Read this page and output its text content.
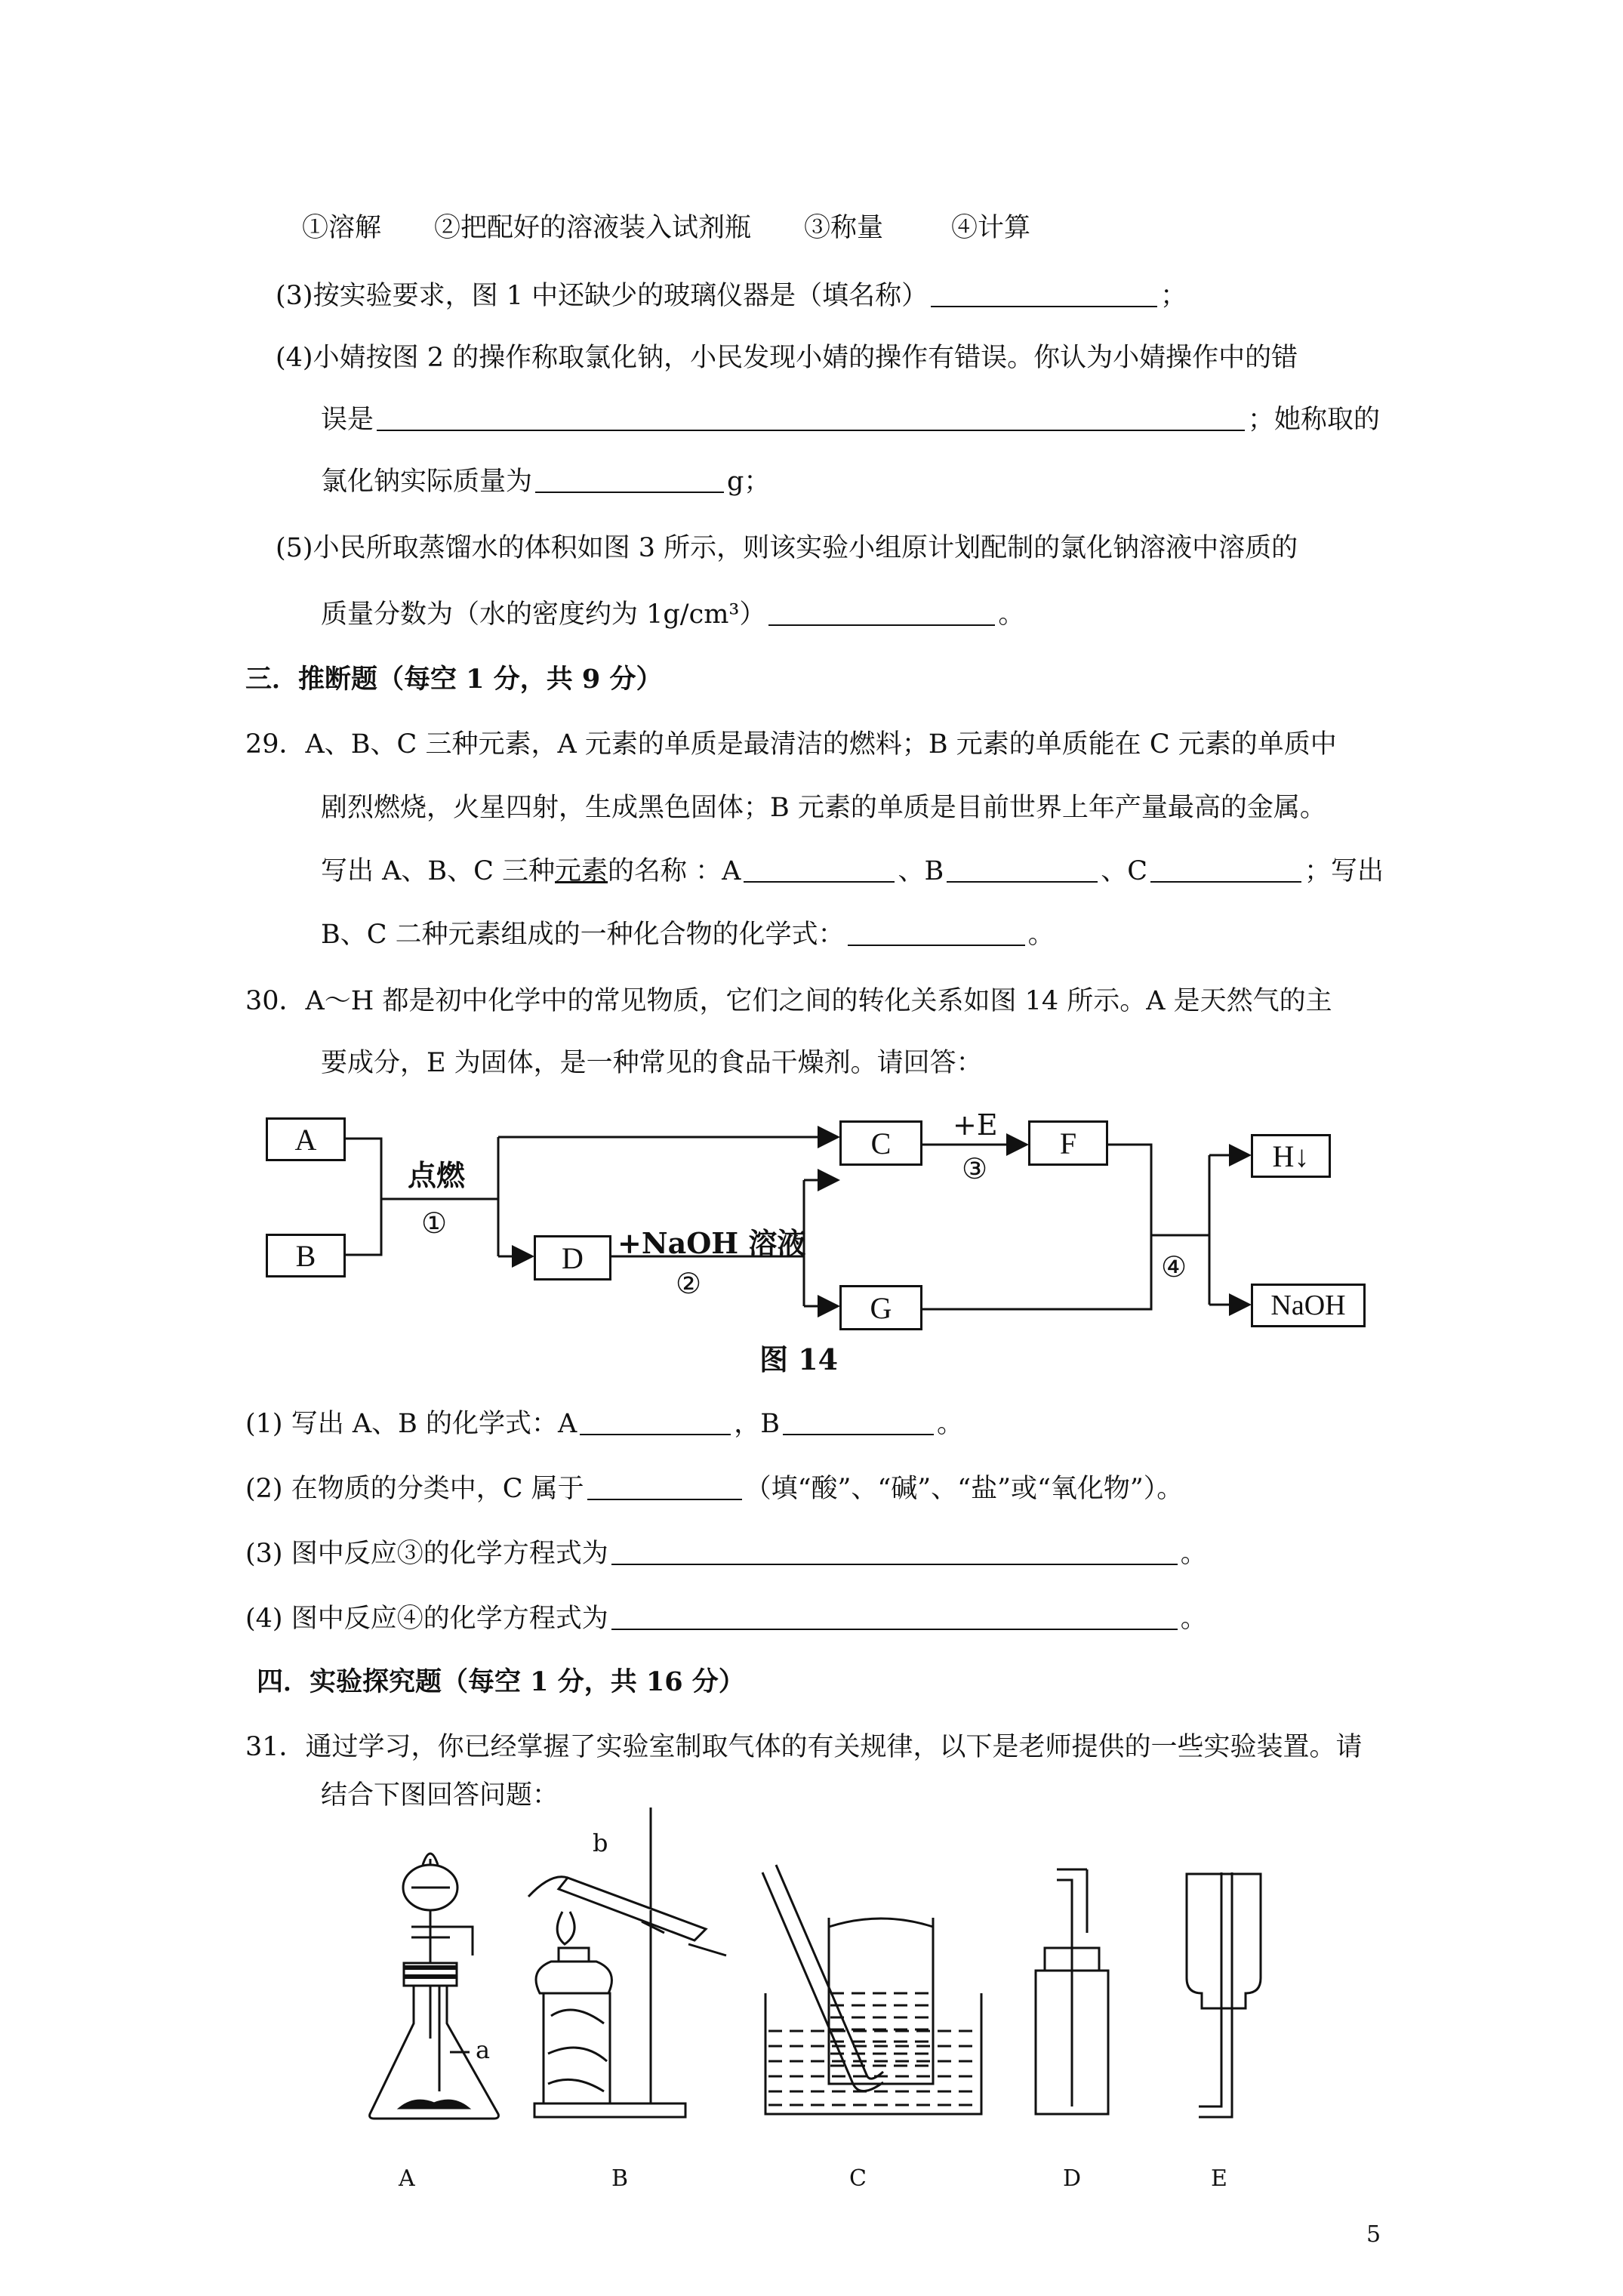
①溶解 ②把配好的溶液装入试剂瓶 ③称量	④计算
(3)按实验要求，图 1 中还缺少的玻璃仪器是（填名称）	；
(4)小婧按图 2 的操作称取氯化钠，小民发现小婧的操作有错误。你认为小婧操作中的错
误是	；她称取的
氯化钠实际质量为	g；
(5)小民所取蒸馏水的体积如图 3 所示，则该实验小组原计划配制的氯化钠溶液中溶质的
质量分数为（水的密度约为 1g/cm³）	。
三．推断题（每空 1 分，共 9 分）
29．A、B、C 三种元素，A 元素的单质是最清洁的燃料；B 元素的单质能在 C 元素的单质中
剧烈燃烧，火星四射，生成黑色固体；B 元素的单质是目前世界上年产量最高的金属。
写出 A、B、C 三种元素的名称 ：A	、B	、C	；写出
B、C 二种元素组成的一种化合物的化学式：	。
30．A～H 都是初中化学中的常见物质，它们之间的转化关系如图 14 所示。A 是天然气的主
要成分，E 为固体，是一种常见的食品干燥剂。请回答：
A
B
C
D
F
G
H↓
NaOH
点燃
①
+NaOH 溶液
②
+E
③
④
图 14
(1) 写出 A、B 的化学式：A	，B	。
(2) 在物质的分类中，C 属于	（填“酸”、“碱”、“盐”或“氧化物”）。
(3) 图中反应③的化学方程式为	。
(4) 图中反应④的化学方程式为	。
四．实验探究题（每空 1 分，共 16 分）
31．通过学习，你已经掌握了实验室制取气体的有关规律，以下是老师提供的一些实验装置。请
结合下图回答问题：
a
b
A	B	C	D	E
5
